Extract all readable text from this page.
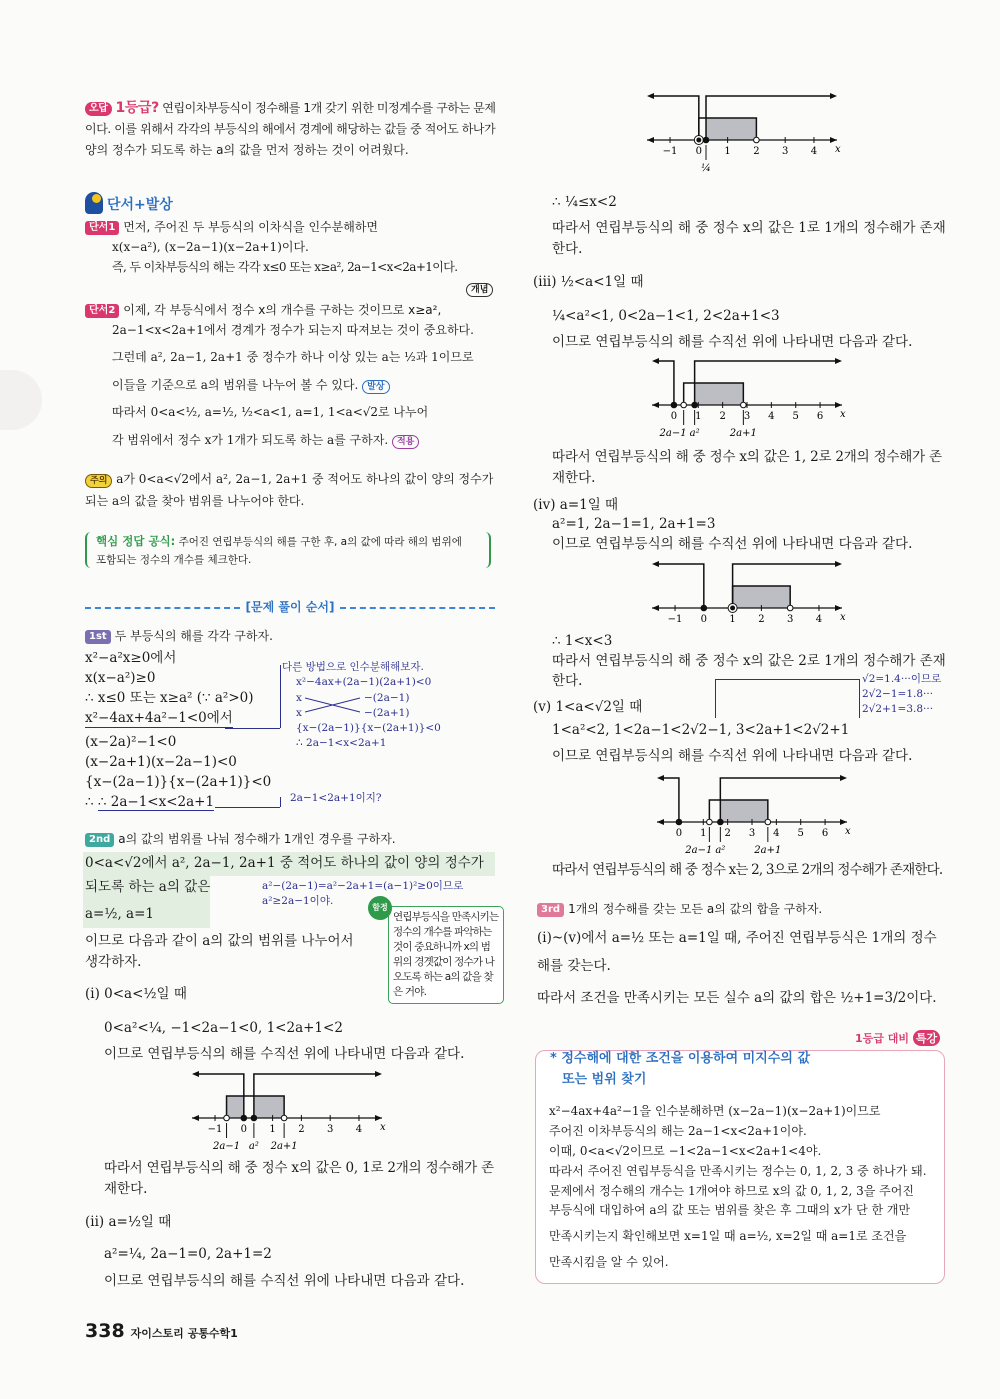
오답 1등급? 연립이차부등식이 정수해를 1개 갖기 위한 미정계수를 구하는 문제
이다. 이를 위해서 각각의 부등식의 해에서 경계에 해당하는 값들 중 적어도 하나가
양의 정수가 되도록 하는 a의 값을 먼저 정하는 것이 어려웠다.
단서+발상
단서1 먼저, 주어진 두 부등식의 이차식을 인수분해하면
x(x−a²), (x−2a−1)(x−2a+1)이다.
즉, 두 이차부등식의 해는 각각 x≤0 또는 x≥a², 2a−1<x<2a+1이다.
개념
단서2 이제, 각 부등식에서 정수 x의 개수를 구하는 것이므로 x≥a²,
2a−1<x<2a+1에서 경계가 정수가 되는지 따져보는 것이 중요하다.
그런데 a², 2a−1, 2a+1 중 정수가 하나 이상 있는 a는 ½과 1이므로
이들을 기준으로 a의 범위를 나누어 볼 수 있다. 발상
따라서 0<a<½, a=½, ½<a<1, a=1, 1<a<√2로 나누어
각 범위에서 정수 x가 1개가 되도록 하는 a를 구하자. 적용
주의 a가 0<a<√2에서 a², 2a−1, 2a+1 중 적어도 하나의 값이 양의 정수가
되는 a의 값을 찾아 범위를 나누어야 한다.
핵심 정답 공식: 주어진 연립부등식의 해를 구한 후, a의 값에 따라 해의 범위에
포함되는 정수의 개수를 체크한다.
[문제 풀이 순서]
1st 두 부등식의 해를 각각 구하자.
x²−a²x≥0에서
x(x−a²)≥0
∴ x≤0 또는 x≥a² (∵ a²>0)
x²−4ax+4a²−1<0에서
(x−2a)²−1<0
(x−2a+1)(x−2a−1)<0
{x−(2a−1)}{x−(2a+1)}<0
∴ ∴ 2a−1<x<2a+1
다른 방법으로 인수분해해보자.
x²−4ax+(2a−1)(2a+1)<0
x	−(2a−1)
x	−(2a+1)
{x−(2a−1)}{x−(2a+1)}<0
∴ 2a−1<x<2a+1
2a−1<2a+1이지?
2nd a의 값의 범위를 나눠 정수해가 1개인 경우를 구하자.
0<a<√2에서 a², 2a−1, 2a+1 중 적어도 하나의 값이 양의 정수가
되도록 하는 a의 값은
a=½, a=1
a²−(2a−1)=a²−2a+1=(a−1)²≥0이므로
a²≥2a−1이야.
이므로 다음과 같이 a의 값의 범위를 나누어서
생각하자.
함정
연립부등식을 만족시키는
정수의 개수를 파악하는
것이 중요하니까 x의 범
위의 경곗값이 정수가 나
오도록 하는 a의 값을 찾
은 거야.
(i) 0<a<½일 때
0<a²<¼, −1<2a−1<0, 1<2a+1<2
이므로 연립부등식의 해를 수직선 위에 나타내면 다음과 같다.
−1 0 1 2 3 4 x
2a−1 a² 2a+1
따라서 연립부등식의 해 중 정수 x의 값은 0, 1로 2개의 정수해가 존
재한다.
(ii) a=½일 때
a²=¼, 2a−1=0, 2a+1=2
이므로 연립부등식의 해를 수직선 위에 나타내면 다음과 같다.
338 자이스토리 공통수학1
−1 0 1 2 3 4 x
¼
∴ ¼≤x<2
따라서 연립부등식의 해 중 정수 x의 값은 1로 1개의 정수해가 존재
한다.
(iii) ½<a<1일 때
¼<a²<1, 0<2a−1<1, 2<2a+1<3
이므로 연립부등식의 해를 수직선 위에 나타내면 다음과 같다.
0 1 2 3 4 5 6 x
2a−1 a²	2a+1
따라서 연립부등식의 해 중 정수 x의 값은 1, 2로 2개의 정수해가 존
재한다.
(iv) a=1일 때
a²=1, 2a−1=1, 2a+1=3
이므로 연립부등식의 해를 수직선 위에 나타내면 다음과 같다.
−1 0 1 2 3 4 x
∴ 1<x<3
따라서 연립부등식의 해 중 정수 x의 값은 2로 1개의 정수해가 존재
한다.
(v) 1<a<√2일 때
1<a²<2, 1<2a−1<2√2−1, 3<2a+1<2√2+1
√2=1.4···이므로
2√2−1=1.8···
2√2+1=3.8···
이므로 연립부등식의 해를 수직선 위에 나타내면 다음과 같다.
0 1 2 3 4 5 6 x
2a−1 a²	2a+1
따라서 연립부등식의 해 중 정수 x는 2, 3으로 2개의 정수해가 존재한다.
3rd 1개의 정수해를 갖는 모든 a의 값의 합을 구하자.
(i)~(v)에서 a=½ 또는 a=1일 때, 주어진 연립부등식은 1개의 정수
해를 갖는다.
따라서 조건을 만족시키는 모든 실수 a의 값의 합은 ½+1=3/2이다.
1등급 대비 특강
* 정수해에 대한 조건을 이용하여 미지수의 값
또는 범위 찾기
x²−4ax+4a²−1을 인수분해하면 (x−2a−1)(x−2a+1)이므로
주어진 이차부등식의 해는 2a−1<x<2a+1이야.
이때, 0<a<√2이므로 −1<2a−1<x<2a+1<4야.
따라서 주어진 연립부등식을 만족시키는 정수는 0, 1, 2, 3 중 하나가 돼.
문제에서 정수해의 개수는 1개여야 하므로 x의 값 0, 1, 2, 3을 주어진
부등식에 대입하여 a의 값 또는 범위를 찾은 후 그때의 x가 단 한 개만
만족시키는지 확인해보면 x=1일 때 a=½, x=2일 때 a=1로 조건을
만족시킴을 알 수 있어.
